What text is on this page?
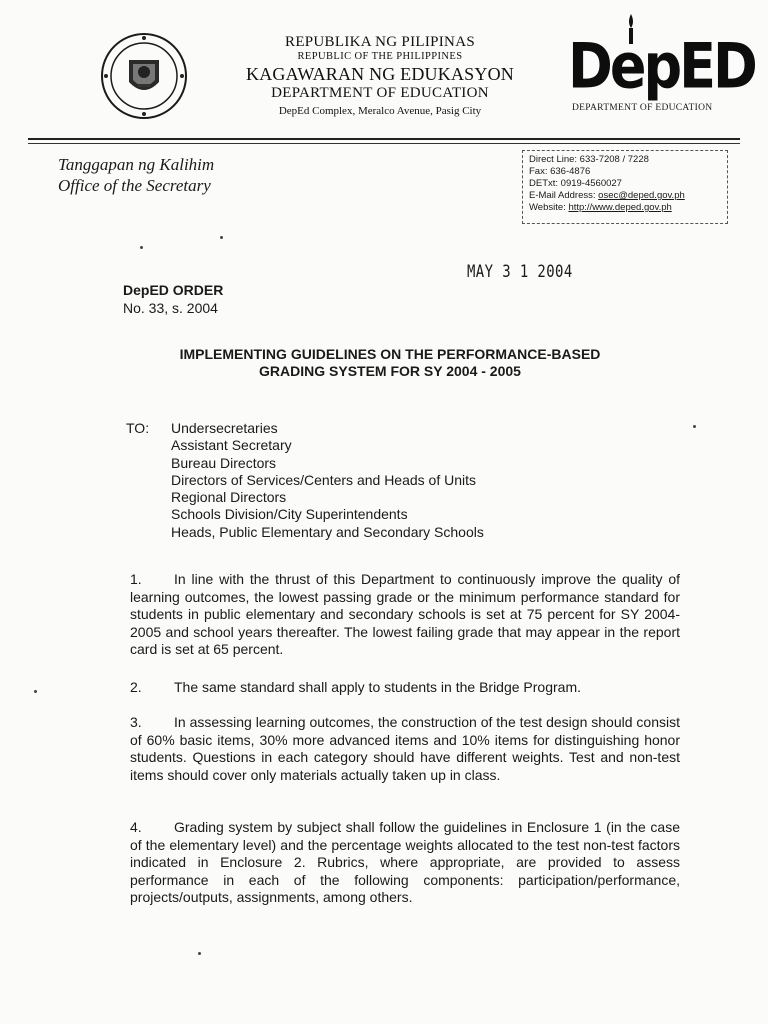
REPUBLIKA NG PILIPINAS
REPUBLIC OF THE PHILIPPINES
KAGAWARAN NG EDUKASYON
DEPARTMENT OF EDUCATION
DepEd Complex, Meralco Avenue, Pasig City
DepED
DEPARTMENT OF EDUCATION
Tanggapan ng Kalihim
Office of the Secretary
Direct Line: 633-7208 / 7228
Fax: 636-4876
DETxt: 0919-4560027
E-Mail Address: osec@deped.gov.ph
Website: http://www.deped.gov.ph
MAY 3 1 2004
DepED ORDER
No. 33, s. 2004
IMPLEMENTING GUIDELINES ON THE PERFORMANCE-BASED
GRADING SYSTEM FOR SY 2004 - 2005
TO: Undersecretaries
Assistant Secretary
Bureau Directors
Directors of Services/Centers and Heads of Units
Regional Directors
Schools Division/City Superintendents
Heads, Public Elementary and Secondary Schools
1. In line with the thrust of this Department to continuously improve the quality of learning outcomes, the lowest passing grade or the minimum performance standard for students in public elementary and secondary schools is set at 75 percent for SY 2004-2005 and school years thereafter. The lowest failing grade that may appear in the report card is set at 65 percent.
2. The same standard shall apply to students in the Bridge Program.
3. In assessing learning outcomes, the construction of the test design should consist of 60% basic items, 30% more advanced items and 10% items for distinguishing honor students. Questions in each category should have different weights. Test and non-test items should cover only materials actually taken up in class.
4. Grading system by subject shall follow the guidelines in Enclosure 1 (in the case of the elementary level) and the percentage weights allocated to the test non-test factors indicated in Enclosure 2. Rubrics, where appropriate, are provided to assess performance in each of the following components: participation/performance, projects/outputs, assignments, among others.
